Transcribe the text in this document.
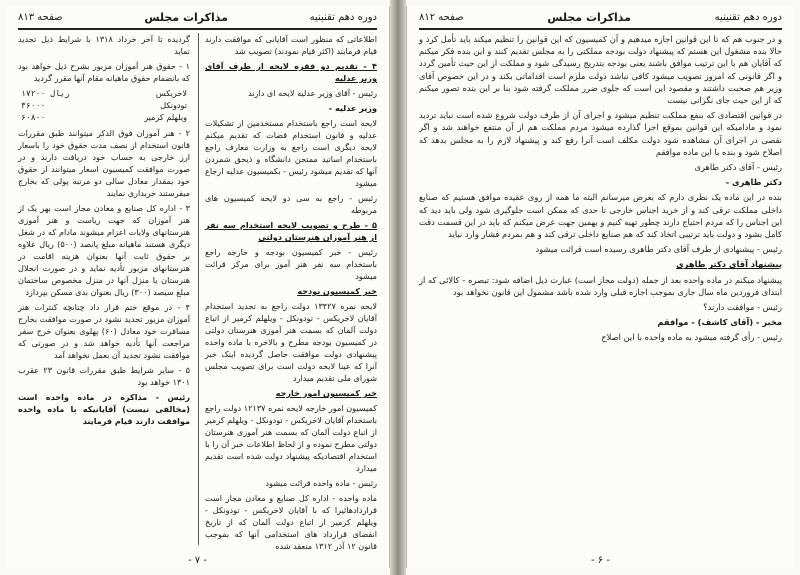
دوره دهم تقنینیه
مذاکرات مجلس
صفحه ۸۱۳

اطلاعاتی که منظور است آقایانی که موافقت دارند قیام فرمایند (اکثر قیام نمودند) تصویب شد

۴ - تقدیم دو فقره لایحه از طرف آقای وزیر عدلیه

رئیس - آقای وزیر عدلیه لایحه ای دارند

وزیر عدلیه -

لایحه است راجع باستخدام مستخدمین از تشکیلات عدلیه و قانون استخدام قضات که تقدیم میکنم لایحه دیگری است راجع به وزارت معارف راجع باستخدام اساتید ممتحن دانشگاه و ذیحق شمردن آنها که تقدیم میشود رئیس - بکمیسیون عدلیه ارجاع میشود

رئیس - راجع به سی دو لایحه کمیسیون های مربوطه

۵ - طرح و تصویب لایحه استخدام سه نفر از هنر آموزان هنرستان دولتی

رئیس - خبر کمیسیون بودجه و خارجه راجع باستخدام سه نفر هنر آموز برای مرکز قرائت میشود

خبر کمیسیون بودجه

لایحه نمره ۱۳۴۲۷ دولت راجع به تجدید استخدام آقایان لاخریکس - تودونکل - ویلهلم کرمیر از اتباع دولت آلمان که بسمت هنر آموزی هنرستان دولتی در کمیسیون بودجه مطرح و بالاخره با ماده واحده پیشنهادی دولت موافقت حاصل گردیده اینک خبر آنرا که عینا لایحه دولت است برای تصویب مجلس شورای ملی تقدیم میدارد

خبر کمیسیون امور خارجه

کمیسیون امور خارجه لایحه نمره ۱۲۱۳۷ دولت راجع باستخدام آقایان لاخریکس - تودونکل - ویلهلم کرمیر از اتباع دولت آلمان که بسمت هنر آموزی هنرستان دولتی مطرح نموده و از لحاظ اطلاعات خبر آن را با استخدام اقتصادیکه پیشنهاد دولت شده است تقدیم میدارد

رئیس - ماده واحده قرائت میشود

ماده واحده - اداره کل صنایع و معادن مجاز است قراردادهائیرا که با آقایان لاخریکس - تودونکل - ویلهلم کرمیر از اتباع دولت آلمان که از تاریخ انقضای قرارداد های استخدامی آنها که بموجب قانون ۱۲ آذر ۱۳۱۲ منعقد شده

گردیده تا آخر خرداد ۱۳۱۸ با شرایط ذیل تجدید نماید

۱ - حقوق هنر آموزان مزبور بشرح ذیل خواهد بود که بانضمام حقوق ماهیانه مقام آنها مقرر گردید

لاخریکس	۱۷۲۰۰ ریال
تودونکل	۳۶۰۰۰
ویلهلم کرمیر	۶۰۸۰۰

۲ - هنر آموزان فوق الذکر میتوانند طبق مقررات قانون استخدام از نصف مدت حقوق خود را باسعار ارز خارجی به حساب خود دریافت دارند و در صورت موافقت کمیسیون اسعار میتوانند از حقوق خود بمقدار معادل سالی دو مرتبه پولی که بخارج میفرستند خریداری نمایند

۳ - اداره کل صنایع و معادن مجاز است بهر یک از هنر آموزان که جهت ریاست و هنر آموزی هنرستانهای ولایات اعزام میشوند مادام که در شغل دیگری هستند ماهیانه مبلغ پانصد (۵۰۰) ریال علاوه بر حقوق ثابت آنها بعنوان هزینه اقامت در هنرستانهای مزبور تأدیه نماید و در صورت انحلال هنرستان یا منزل آنها در منزل مخصوص ساختمان مبلغ سیصد (۳۰۰) ریال بعنوان بدی مسکن بپردازد

۴ - در موقع ختم قرار داد چنانچه کنترات هنر آموزان مزبور تجدید نشود در صورت موافقت بخارج مسافرت خود معادل (۶۰) پهلوی بعنوان خرج سفر مراجعت آنها تأدیه خواهد شد و در صورتی که موافقت نشود تجدید آن بعمل نخواهد آمد

۵ - سایر شرایط طبق مقررات قانون ۲۳ عقرب ۱۳۰۱ خواهد بود

رئیس - مذاکره در ماده واحده است (مخالفی نیست) آقایانیکه با ماده واحده موافقت دارند قیام فرمایند

- ۷ -
دوره دهم تقنینیه
مذاکرات مجلس
صفحه ۸۱۲

و در جنوب هم که تا این قوانین اجازه میدهیم و آن کمیسیون که این قوانین را تنظیم میکند باید تأمل کرد و حالا بنده مشغول این هستم که پیشنهاد دولت بودجه مملکتی را به مجلس تقدیم کنند و این بنده فکر میکنم که آقایان هم با این ترتیب موافق باشند یعنی بودجه بتدریج رسیدگی شود و مملکت از این حیث تأمین گردد و اگر قانونی که امروز تصویب میشود کافی نباشد دولت ملزم است اقداماتی بکند و در این خصوص آقای وزیر هم صحبت داشتند و مقصود این است که جلوی ضرر مملکت گرفته شود بنا بر این بنده تصور میکنم که از این حیث جای نگرانی نیست

در قوانین اقتصادی که بنفع مملکت تنظیم میشود و اجرای آن از طرف دولت شروع شده است نباید تردید نمود و مادامیکه این قوانین بموقع اجرا گذارده میشود مردم مملکت هم از آن منتفع خواهند شد و اگر نقصی در اجرای آن مشاهده شود دولت مکلف است آنرا رفع کند و پیشنهاد لازم را به مجلس بدهد که اصلاح شود و بنده با این ماده موافقم

رئیس - آقای دکتر طاهری

دکتر طاهری -

بنده در این ماده یک نظری دارم که بعرض میرسانم البته ما همه از روی عقیده موافق هستیم که صنایع داخلی مملکت ترقی کند و از خرید اجناس خارجی تا حدی که ممکن است جلوگیری شود ولی باید دید که این اجناس را که مردم احتیاج دارند چطور تهیه کنیم و بهمین جهت عرض میکنم که باید در این قسمت دقت کامل بشود و دولت باید ترتیبی اتخاذ کند که هم صنایع داخلی ترقی کند و هم بمردم فشار وارد نیاید

رئیس - پیشنهادی از طرف آقای دکتر طاهری رسیده است قرائت میشود

پیشنهاد آقای دکتر طاهری

پیشنهاد میکنم در ماده واحده بعد از جمله (دولت مجاز است) عبارت ذیل اضافه شود: تبصره - کالائی که از ابتدای فروردین ماه سال جاری بموجب اجازه قبلی وارد شده باشد مشمول این قانون نخواهد بود

رئیس - موافقت دارند؟

مخبر - (آقای کاشف) - موافقم

رئیس - رأی گرفته میشود به ماده واحده با این اصلاح

- ۶ -
